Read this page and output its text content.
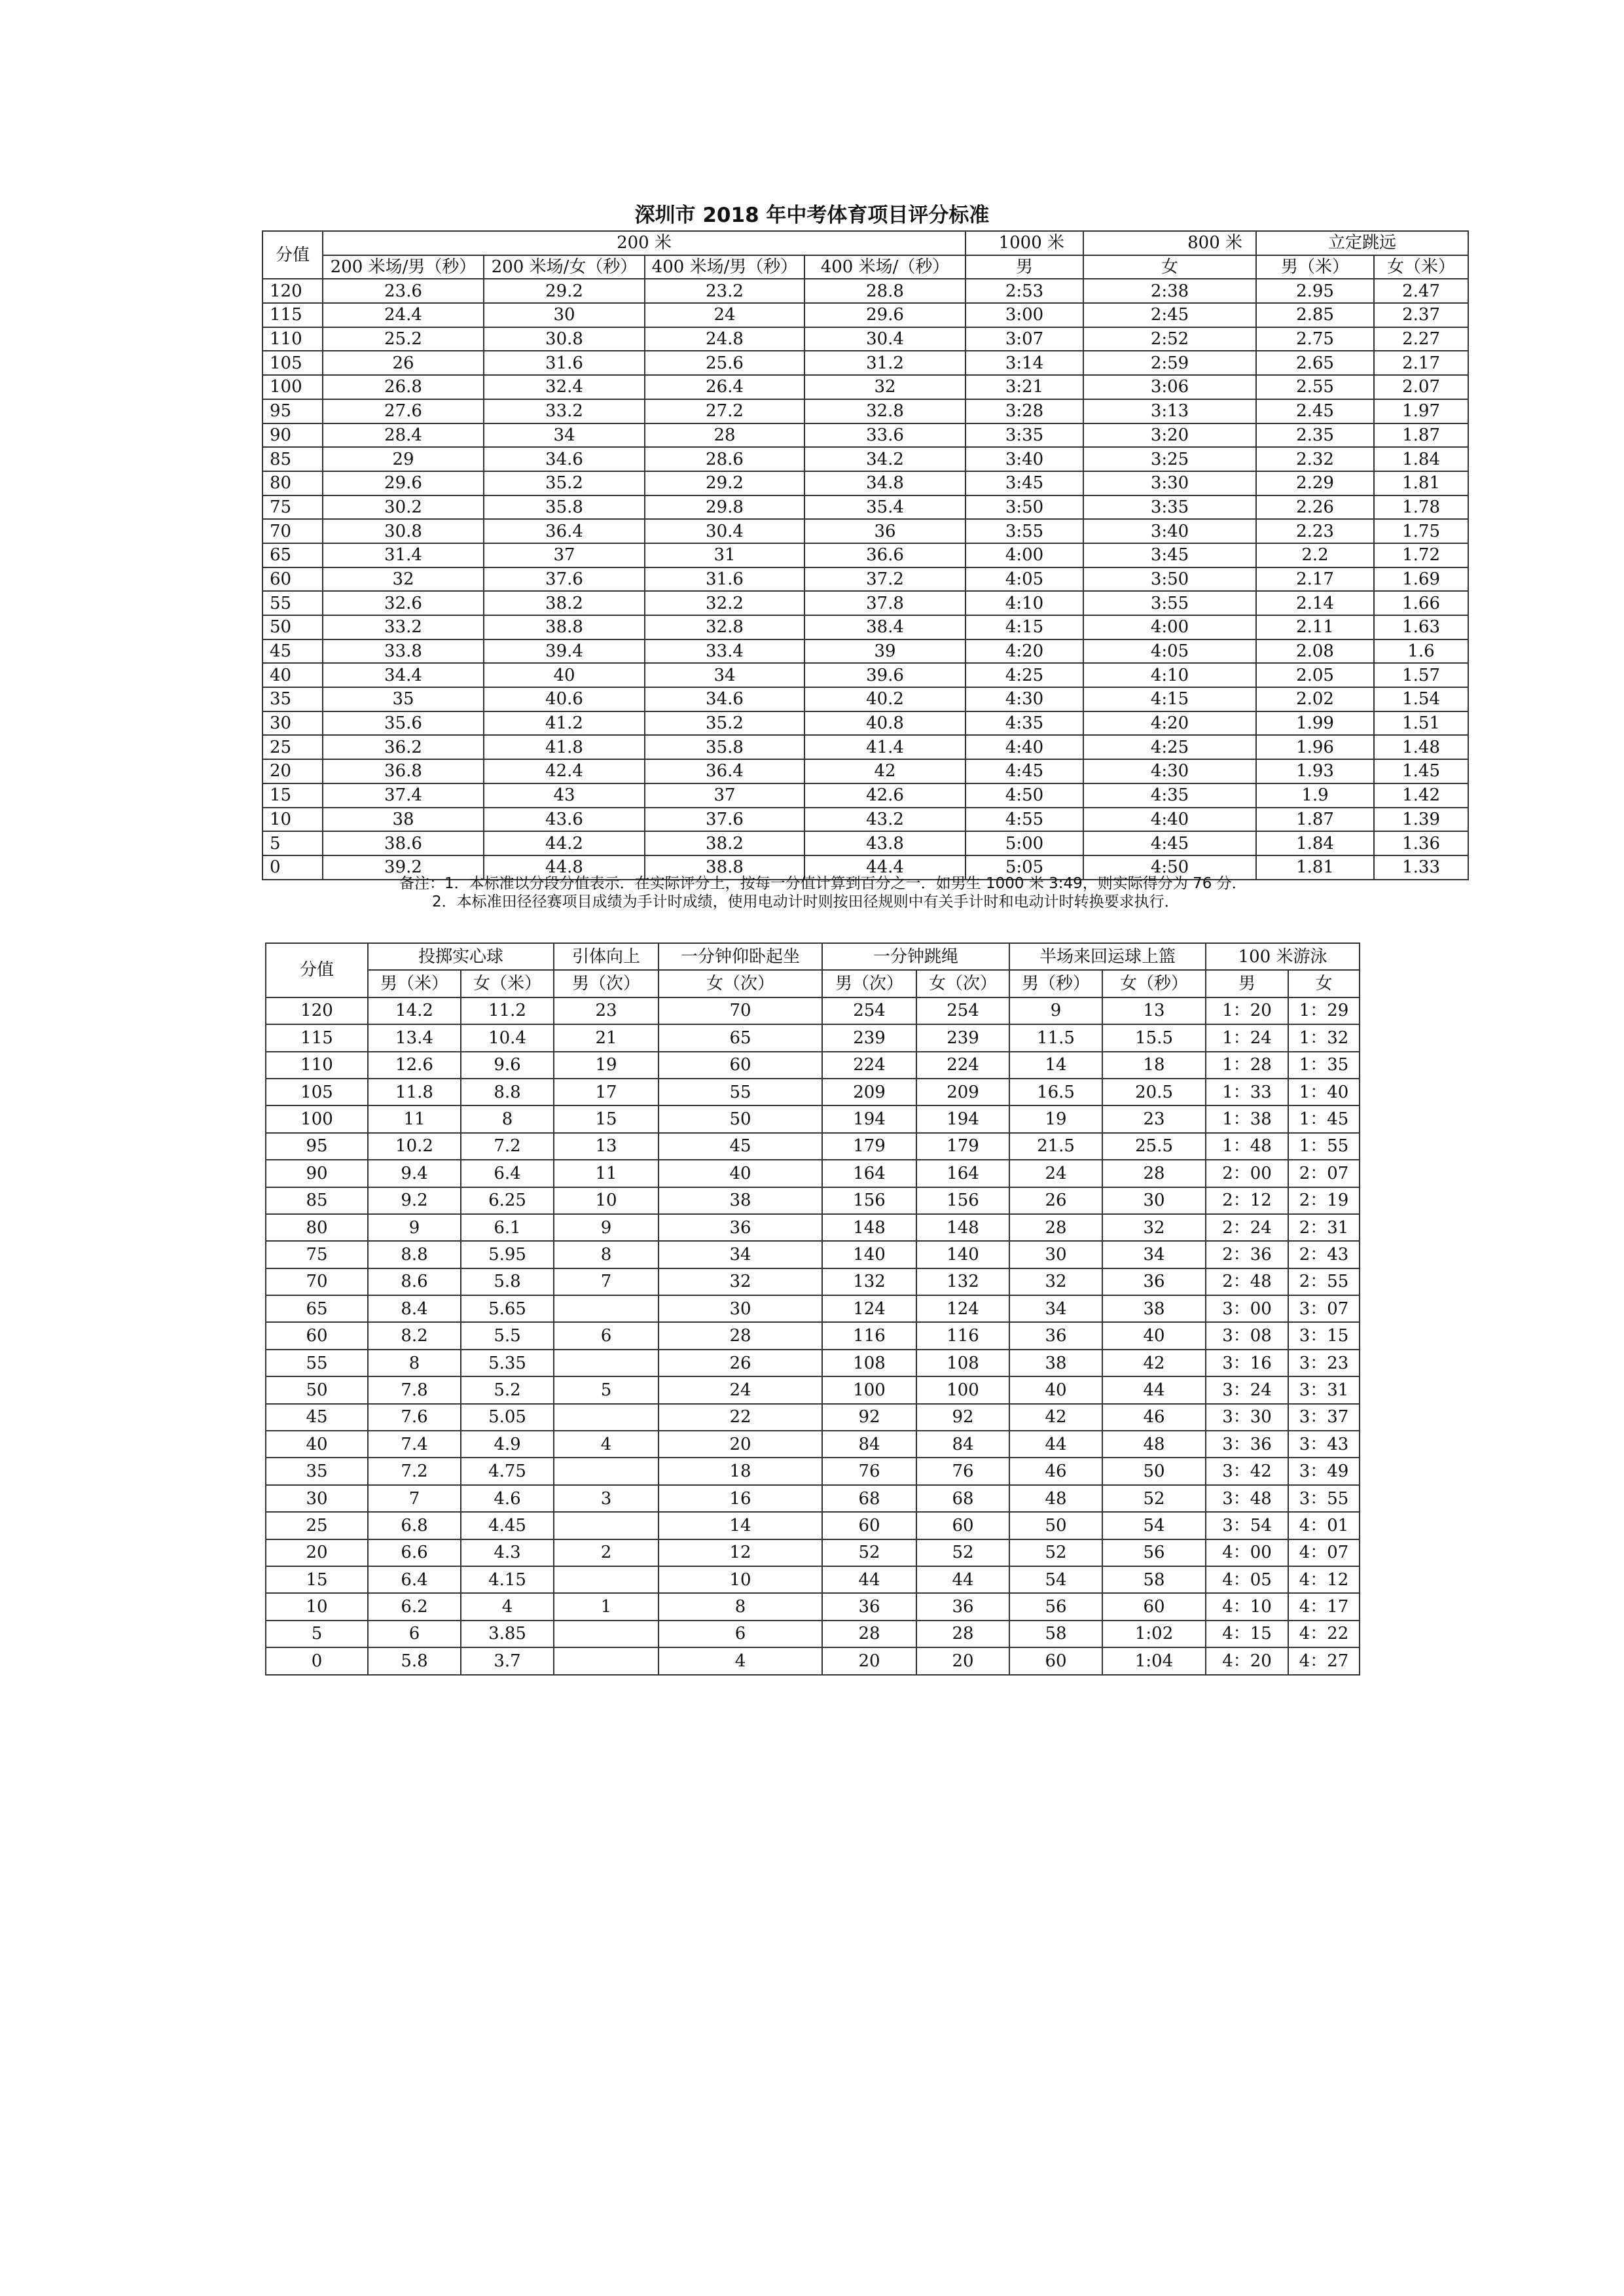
深圳市 2018 年中考体育项目评分标准
分值	200 米				1000 米	800 米	立定跳远	
	200 米场/男（秒）	200 米场/女（秒）	400 米场/男（秒）	400 米场/（秒）	男	女	男（米）	女（米）
120	23.6	29.2	23.2	28.8	2:53	2:38	2.95	2.47
115	24.4	30	24	29.6	3:00	2:45	2.85	2.37
110	25.2	30.8	24.8	30.4	3:07	2:52	2.75	2.27
105	26	31.6	25.6	31.2	3:14	2:59	2.65	2.17
100	26.8	32.4	26.4	32	3:21	3:06	2.55	2.07
95	27.6	33.2	27.2	32.8	3:28	3:13	2.45	1.97
90	28.4	34	28	33.6	3:35	3:20	2.35	1.87
85	29	34.6	28.6	34.2	3:40	3:25	2.32	1.84
80	29.6	35.2	29.2	34.8	3:45	3:30	2.29	1.81
75	30.2	35.8	29.8	35.4	3:50	3:35	2.26	1.78
70	30.8	36.4	30.4	36	3:55	3:40	2.23	1.75
65	31.4	37	31	36.6	4:00	3:45	2.2	1.72
60	32	37.6	31.6	37.2	4:05	3:50	2.17	1.69
55	32.6	38.2	32.2	37.8	4:10	3:55	2.14	1.66
50	33.2	38.8	32.8	38.4	4:15	4:00	2.11	1.63
45	33.8	39.4	33.4	39	4:20	4:05	2.08	1.6
40	34.4	40	34	39.6	4:25	4:10	2.05	1.57
35	35	40.6	34.6	40.2	4:30	4:15	2.02	1.54
30	35.6	41.2	35.2	40.8	4:35	4:20	1.99	1.51
25	36.2	41.8	35.8	41.4	4:40	4:25	1.96	1.48
20	36.8	42.4	36.4	42	4:45	4:30	1.93	1.45
15	37.4	43	37	42.6	4:50	4:35	1.9	1.42
10	38	43.6	37.6	43.2	4:55	4:40	1.87	1.39
5	38.6	44.2	38.2	43.8	5:00	4:45	1.84	1.36
0	39.2	44.8	38.8	44.4	5:05	4:50	1.81	1.33
备注：1．本标准以分段分值表示．在实际评分上，按每一分值计算到百分之一．如男生 1000 米 3:49，则实际得分为 76 分．
2．本标准田径径赛项目成绩为手计时成绩，使用电动计时则按田径规则中有关手计时和电动计时转换要求执行．
分值	投掷实心球		引体向上	一分钟仰卧起坐	一分钟跳绳		半场来回运球上篮		100 米游泳	
	男（米）	女（米）	男（次）	女（次）	男（次）	女（次）	男（秒）	女（秒）	男	女
120	14.2	11.2	23	70	254	254	9	13	1：20	1：29
115	13.4	10.4	21	65	239	239	11.5	15.5	1：24	1：32
110	12.6	9.6	19	60	224	224	14	18	1：28	1：35
105	11.8	8.8	17	55	209	209	16.5	20.5	1：33	1：40
100	11	8	15	50	194	194	19	23	1：38	1：45
95	10.2	7.2	13	45	179	179	21.5	25.5	1：48	1：55
90	9.4	6.4	11	40	164	164	24	28	2：00	2：07
85	9.2	6.25	10	38	156	156	26	30	2：12	2：19
80	9	6.1	9	36	148	148	28	32	2：24	2：31
75	8.8	5.95	8	34	140	140	30	34	2：36	2：43
70	8.6	5.8	7	32	132	132	32	36	2：48	2：55
65	8.4	5.65		30	124	124	34	38	3：00	3：07
60	8.2	5.5	6	28	116	116	36	40	3：08	3：15
55	8	5.35		26	108	108	38	42	3：16	3：23
50	7.8	5.2	5	24	100	100	40	44	3：24	3：31
45	7.6	5.05		22	92	92	42	46	3：30	3：37
40	7.4	4.9	4	20	84	84	44	48	3：36	3：43
35	7.2	4.75		18	76	76	46	50	3：42	3：49
30	7	4.6	3	16	68	68	48	52	3：48	3：55
25	6.8	4.45		14	60	60	50	54	3：54	4：01
20	6.6	4.3	2	12	52	52	52	56	4：00	4：07
15	6.4	4.15		10	44	44	54	58	4：05	4：12
10	6.2	4	1	8	36	36	56	60	4：10	4：17
5	6	3.85		6	28	28	58	1:02	4：15	4：22
0	5.8	3.7		4	20	20	60	1:04	4：20	4：27
